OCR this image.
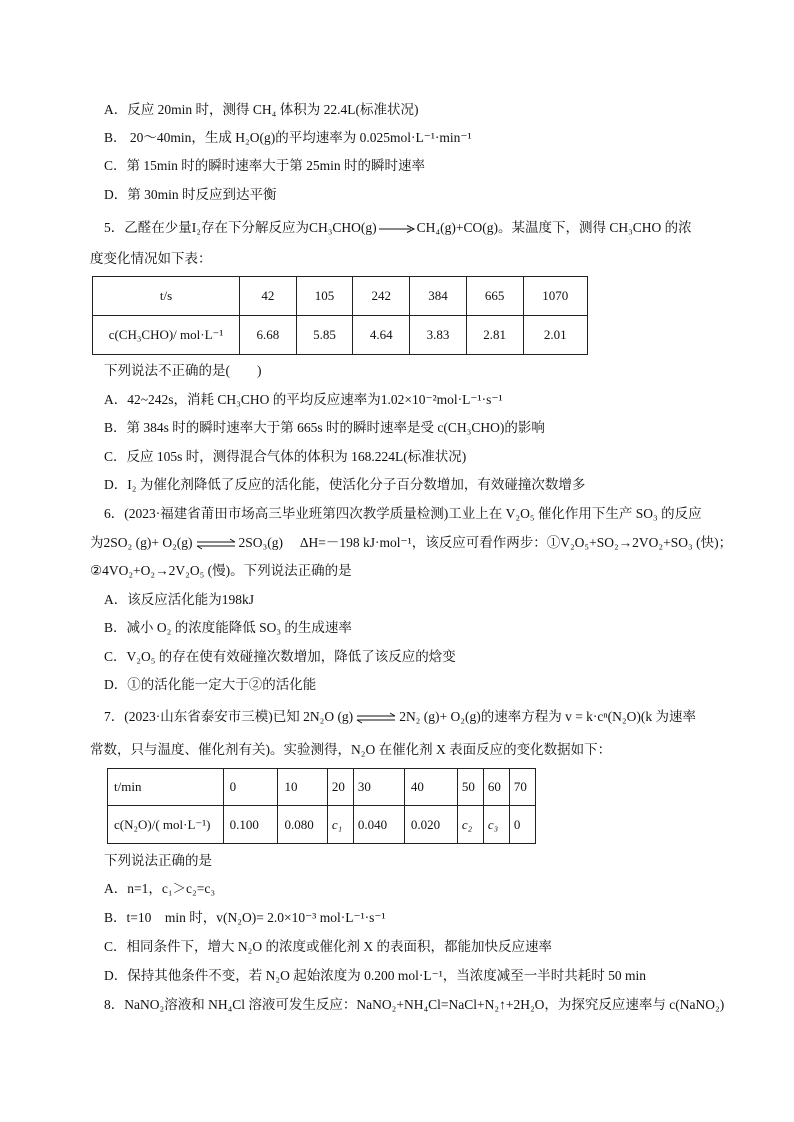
A．反应 20min 时，测得 CH₄ 体积为 22.4L(标准状况)
B． 20～40min，生成 H₂O(g)的平均速率为 0.025mol·L⁻¹·min⁻¹
C．第 15min 时的瞬时速率大于第 25min 时的瞬时速率
D．第 30min 时反应到达平衡
5．乙醛在少量I₂存在下分解反应为CH₃CHO(g)→CH₄(g)+CO(g)。某温度下，测得 CH₃CHO 的浓
度变化情况如下表：
t/s	42	105	242	384	665	1070
c(CH₃CHO)/ mol·L⁻¹	6.68	5.85	4.64	3.83	2.81	2.01
下列说法不正确的是(　　)
A．42~242s，消耗 CH₃CHO 的平均反应速率为1.02×10⁻²mol·L⁻¹·s⁻¹
B．第 384s 时的瞬时速率大于第 665s 时的瞬时速率是受 c(CH₃CHO)的影响
C．反应 105s 时，测得混合气体的体积为 168.224L(标准状况)
D．I₂ 为催化剂降低了反应的活化能，使活化分子百分数增加，有效碰撞次数增多
6．(2023·福建省莆田市场高三毕业班第四次教学质量检测)工业上在 V₂O₅ 催化作用下生产 SO₃ 的反应
为2SO₂ (g)+ O₂(g)⇌2SO₃(g)　 ΔH=－198 kJ·mol⁻¹，该反应可看作两步：①V₂O₅+SO₂→2VO₂+SO₃ (快)；
②4VO₂+O₂→2V₂O₅ (慢)。下列说法正确的是
A．该反应活化能为198kJ
B．减小 O₂ 的浓度能降低 SO₃ 的生成速率
C．V₂O₅ 的存在使有效碰撞次数增加，降低了该反应的焓变
D．①的活化能一定大于②的活化能
7．(2023·山东省泰安市三模)已知 2N₂O (g)⇌2N₂ (g)+ O₂(g)的速率方程为 v = k·cⁿ(N₂O)(k 为速率
常数，只与温度、催化剂有关)。实验测得，N₂O 在催化剂 X 表面反应的变化数据如下：
t/min	0	10	20	30	40	50	60	70
c(N₂O)/( mol·L⁻¹)	0.100	0.080	c₁	0.040	0.020	c₂	c₃	0
下列说法正确的是
A．n=1，c₁＞c₂=c₃
B．t=10　min 时，v(N₂O)= 2.0×10⁻³ mol·L⁻¹·s⁻¹
C．相同条件下，增大 N₂O 的浓度或催化剂 X 的表面积，都能加快反应速率
D．保持其他条件不变，若 N₂O 起始浓度为 0.200 mol·L⁻¹，当浓度减至一半时共耗时 50 min
8．NaNO₂溶液和 NH₄Cl 溶液可发生反应：NaNO₂+NH₄Cl=NaCl+N₂↑+2H₂O，为探究反应速率与 c(NaNO₂)
